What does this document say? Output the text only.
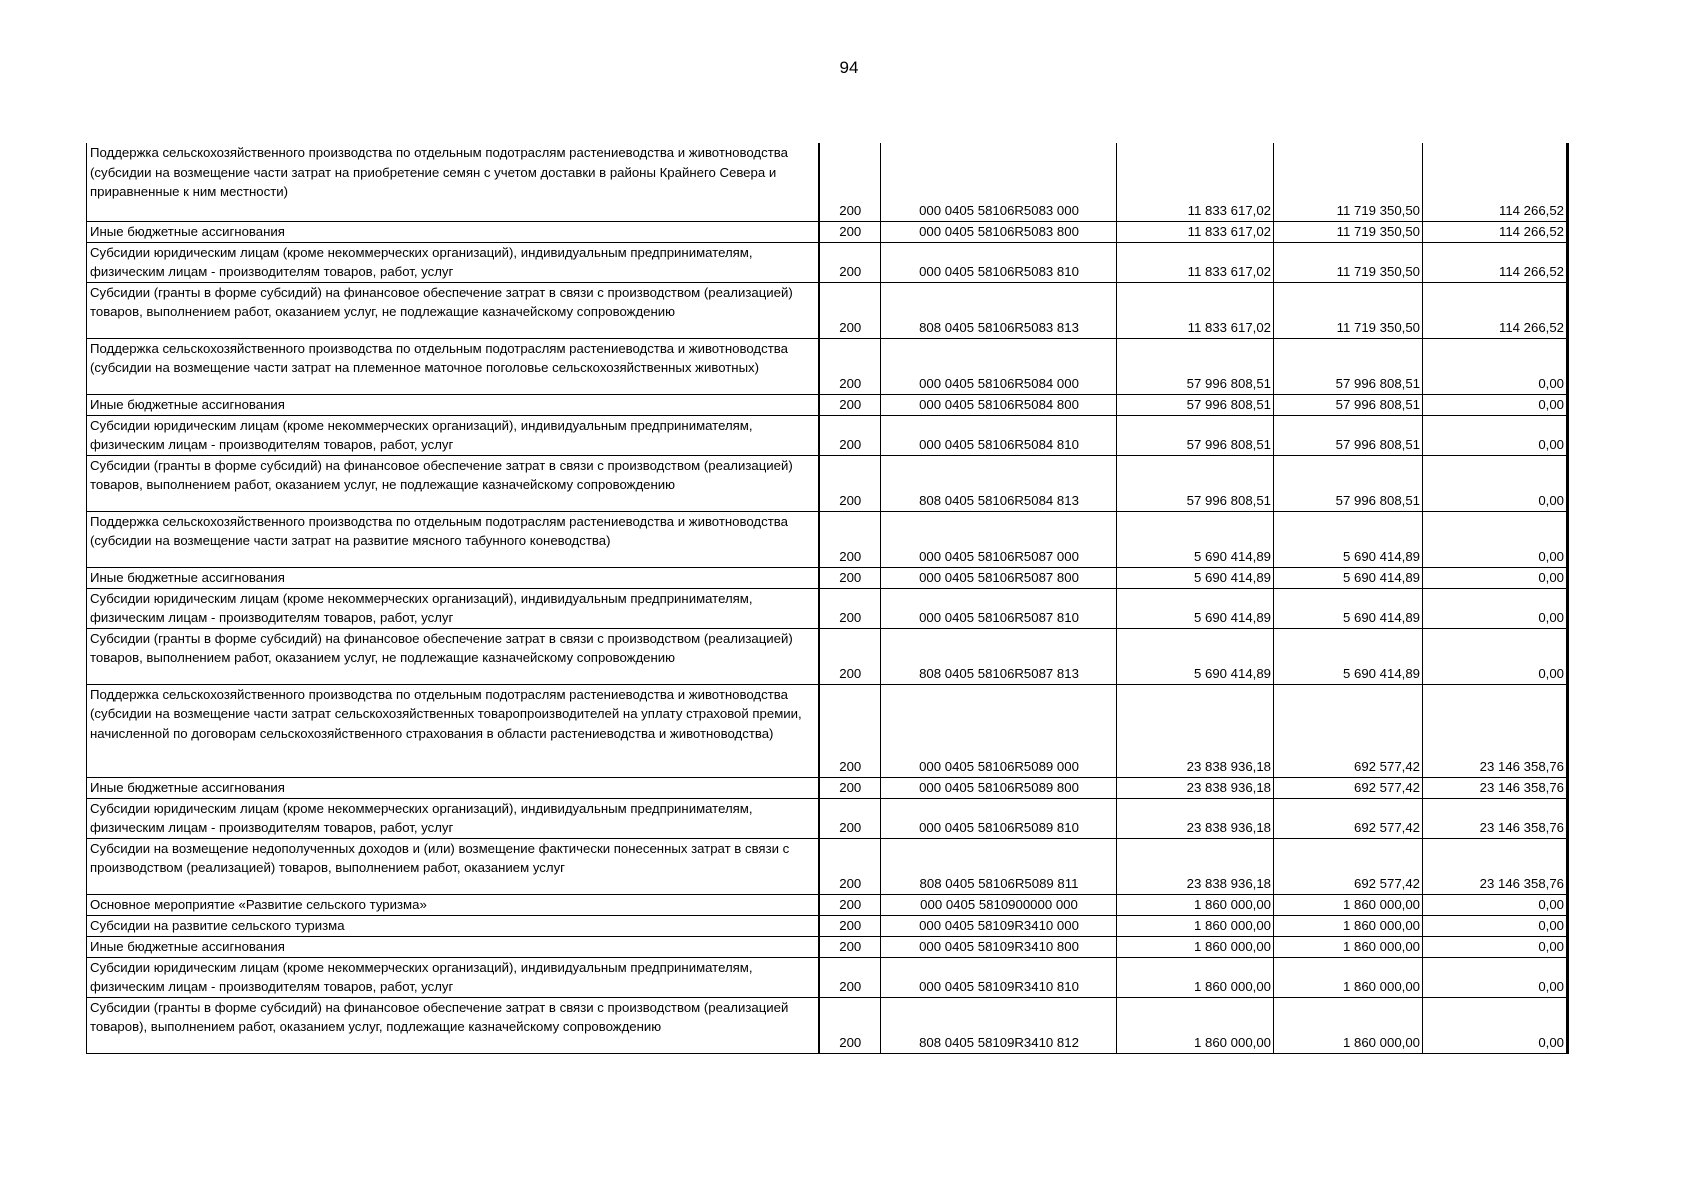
94
Поддержка сельскохозяйственного производства по отдельным подотраслям растениеводства и животноводства (субсидии на возмещение части затрат на приобретение семян с учетом доставки в районы Крайнего Севера и приравненные к ним местности)	200	000 0405 58106R5083 000	11 833 617,02	11 719 350,50	114 266,52
Иные бюджетные ассигнования	200	000 0405 58106R5083 800	11 833 617,02	11 719 350,50	114 266,52
Субсидии юридическим лицам (кроме некоммерческих организаций), индивидуальным предпринимателям, физическим лицам - производителям товаров, работ, услуг	200	000 0405 58106R5083 810	11 833 617,02	11 719 350,50	114 266,52
Субсидии (гранты в форме субсидий) на финансовое обеспечение затрат в связи с производством (реализацией) товаров, выполнением работ, оказанием услуг, не подлежащие казначейскому сопровождению	200	808 0405 58106R5083 813	11 833 617,02	11 719 350,50	114 266,52
Поддержка сельскохозяйственного производства по отдельным подотраслям растениеводства и животноводства (субсидии на возмещение части затрат на племенное маточное поголовье сельскохозяйственных животных)	200	000 0405 58106R5084 000	57 996 808,51	57 996 808,51	0,00
Иные бюджетные ассигнования	200	000 0405 58106R5084 800	57 996 808,51	57 996 808,51	0,00
Субсидии юридическим лицам (кроме некоммерческих организаций), индивидуальным предпринимателям, физическим лицам - производителям товаров, работ, услуг	200	000 0405 58106R5084 810	57 996 808,51	57 996 808,51	0,00
Субсидии (гранты в форме субсидий) на финансовое обеспечение затрат в связи с производством (реализацией) товаров, выполнением работ, оказанием услуг, не подлежащие казначейскому сопровождению	200	808 0405 58106R5084 813	57 996 808,51	57 996 808,51	0,00
Поддержка сельскохозяйственного производства по отдельным подотраслям растениеводства и животноводства (субсидии на возмещение части затрат на развитие мясного табунного коневодства)	200	000 0405 58106R5087 000	5 690 414,89	5 690 414,89	0,00
Иные бюджетные ассигнования	200	000 0405 58106R5087 800	5 690 414,89	5 690 414,89	0,00
Субсидии юридическим лицам (кроме некоммерческих организаций), индивидуальным предпринимателям, физическим лицам - производителям товаров, работ, услуг	200	000 0405 58106R5087 810	5 690 414,89	5 690 414,89	0,00
Субсидии (гранты в форме субсидий) на финансовое обеспечение затрат в связи с производством (реализацией) товаров, выполнением работ, оказанием услуг, не подлежащие казначейскому сопровождению	200	808 0405 58106R5087 813	5 690 414,89	5 690 414,89	0,00
Поддержка сельскохозяйственного производства по отдельным подотраслям растениеводства и животноводства (субсидии на возмещение части затрат сельскохозяйственных товаропроизводителей на уплату страховой премии, начисленной по договорам сельскохозяйственного страхования в области растениеводства и животноводства)	200	000 0405 58106R5089 000	23 838 936,18	692 577,42	23 146 358,76
Иные бюджетные ассигнования	200	000 0405 58106R5089 800	23 838 936,18	692 577,42	23 146 358,76
Субсидии юридическим лицам (кроме некоммерческих организаций), индивидуальным предпринимателям, физическим лицам - производителям товаров, работ, услуг	200	000 0405 58106R5089 810	23 838 936,18	692 577,42	23 146 358,76
Субсидии на возмещение недополученных доходов и (или) возмещение фактически понесенных затрат в связи с производством (реализацией) товаров, выполнением работ, оказанием услуг	200	808 0405 58106R5089 811	23 838 936,18	692 577,42	23 146 358,76
Основное мероприятие «Развитие сельского туризма»	200	000 0405 5810900000 000	1 860 000,00	1 860 000,00	0,00
Субсидии на развитие сельского туризма	200	000 0405 58109R3410 000	1 860 000,00	1 860 000,00	0,00
Иные бюджетные ассигнования	200	000 0405 58109R3410 800	1 860 000,00	1 860 000,00	0,00
Субсидии юридическим лицам (кроме некоммерческих организаций), индивидуальным предпринимателям, физическим лицам - производителям товаров, работ, услуг	200	000 0405 58109R3410 810	1 860 000,00	1 860 000,00	0,00
Субсидии (гранты в форме субсидий) на финансовое обеспечение затрат в связи с производством (реализацией товаров), выполнением работ, оказанием услуг, подлежащие казначейскому сопровождению	200	808 0405 58109R3410 812	1 860 000,00	1 860 000,00	0,00
